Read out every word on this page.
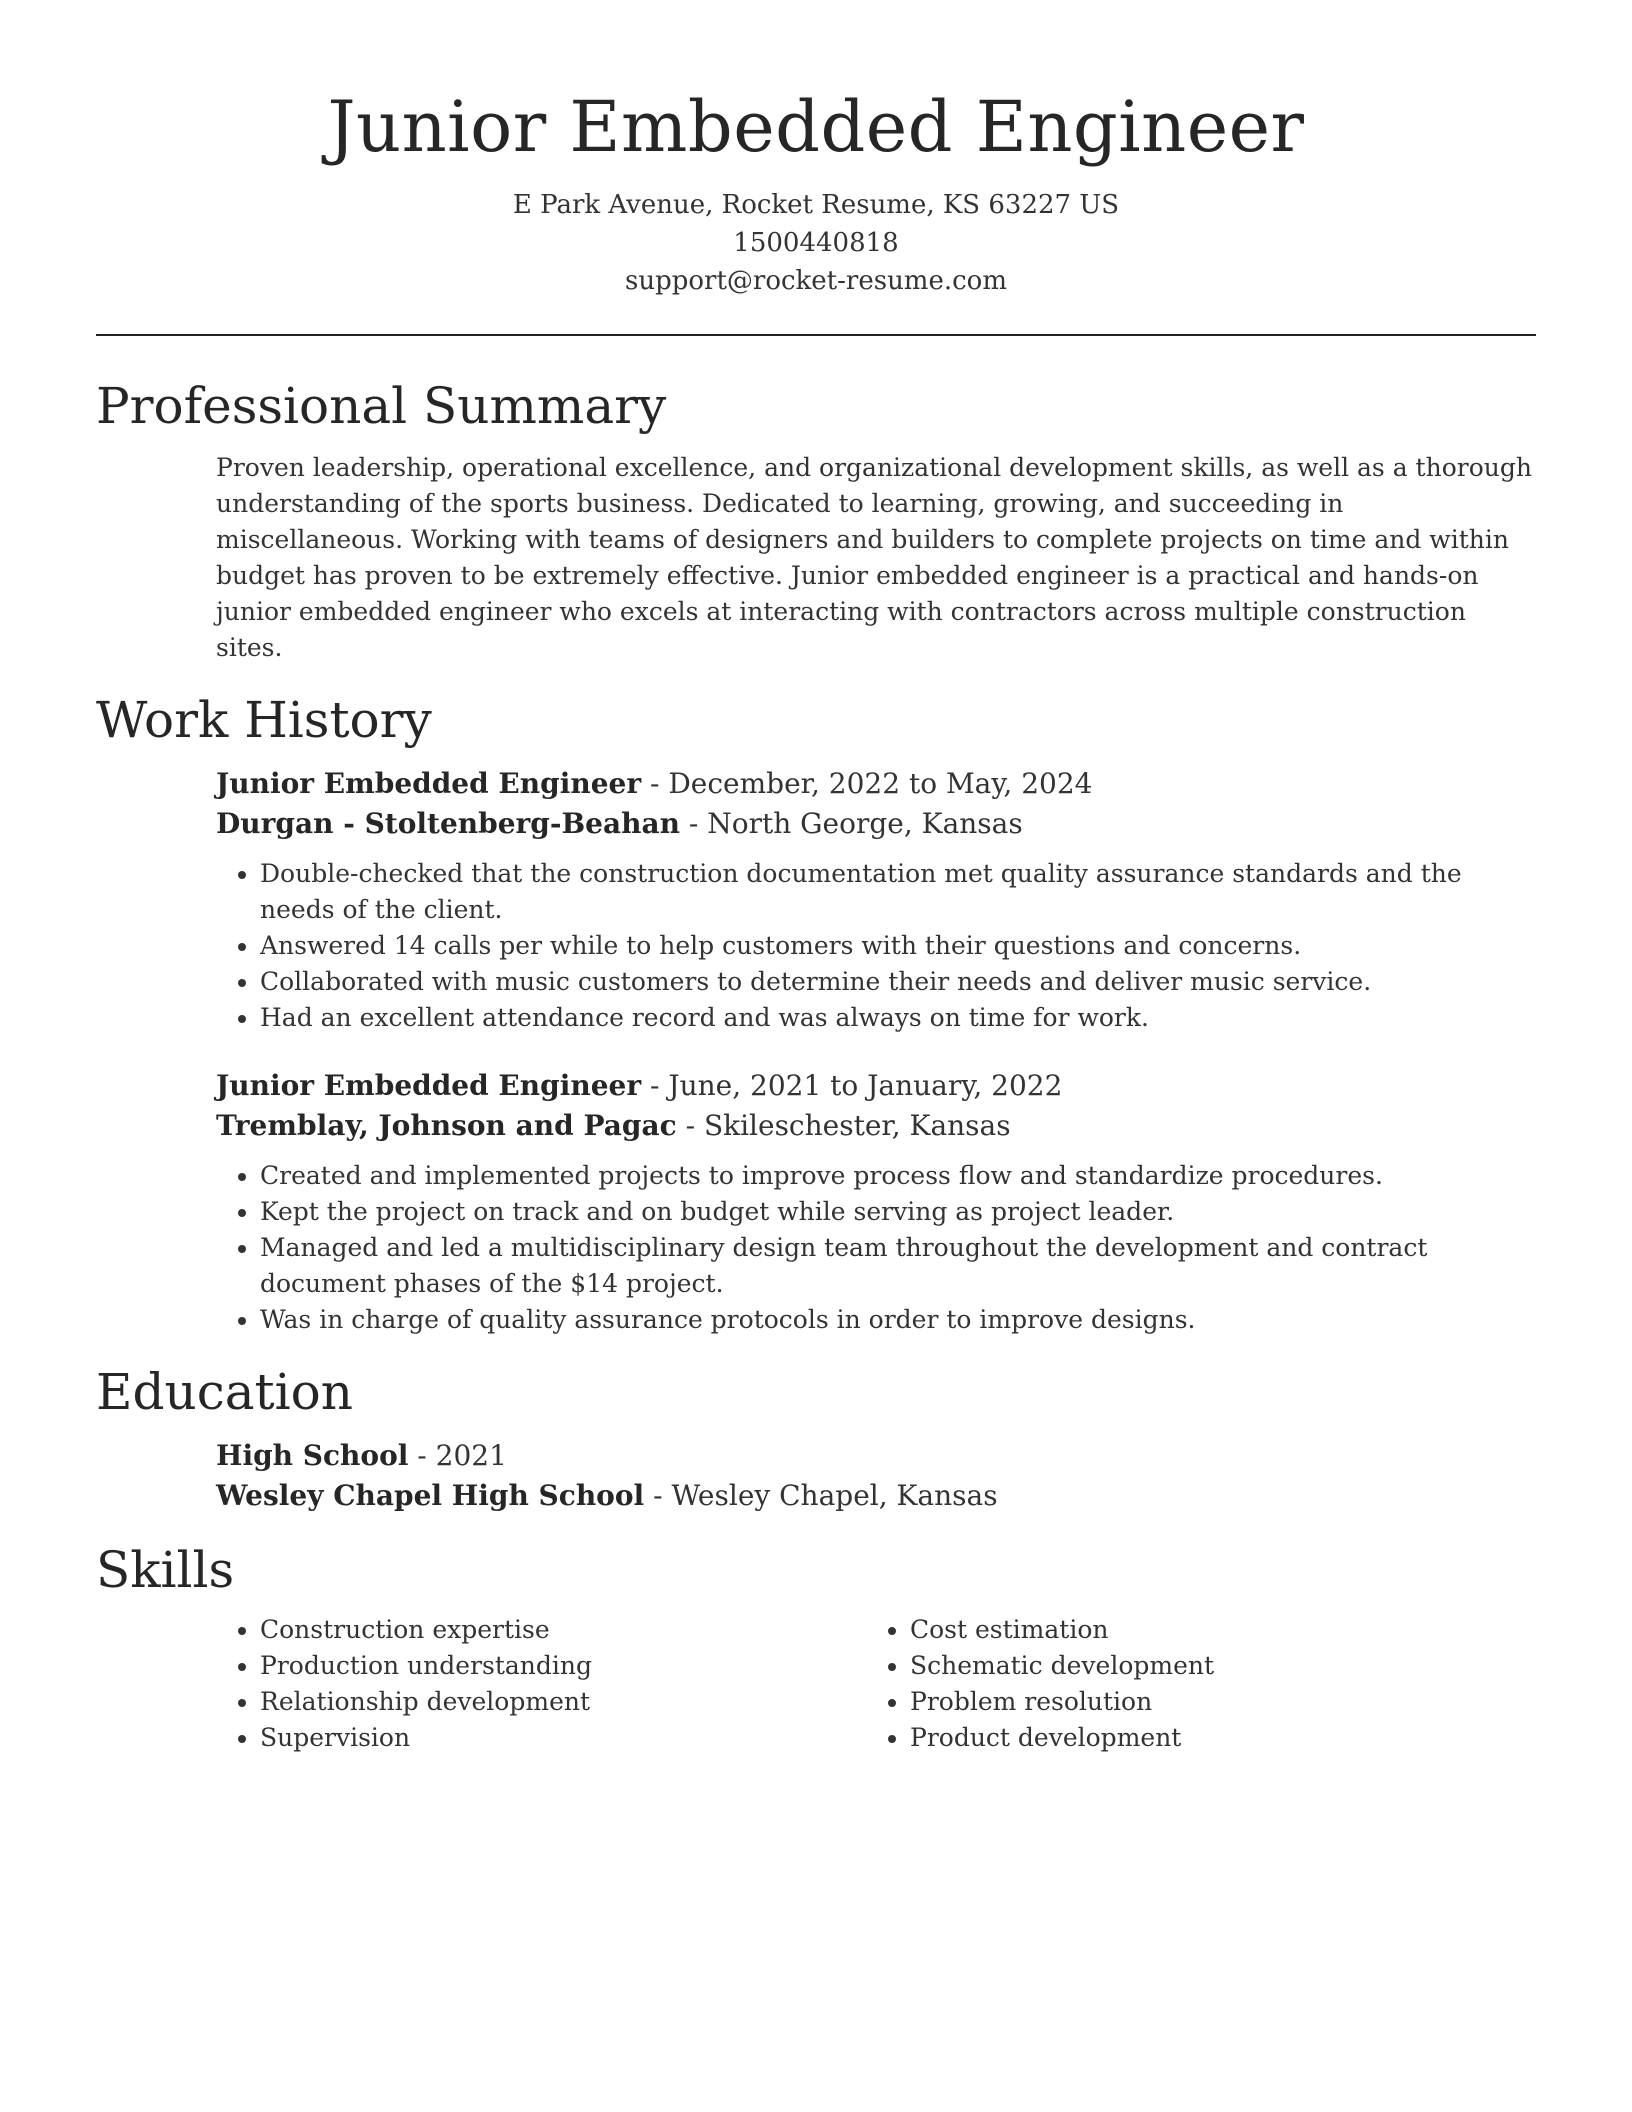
Junior Embedded Engineer
E Park Avenue, Rocket Resume, KS 63227 US
1500440818
support@rocket-resume.com
Professional Summary
Proven leadership, operational excellence, and organizational development skills, as well as a thorough understanding of the sports business. Dedicated to learning, growing, and succeeding in miscellaneous. Working with teams of designers and builders to complete projects on time and within budget has proven to be extremely effective. Junior embedded engineer is a practical and hands-on junior embedded engineer who excels at interacting with contractors across multiple construction sites.
Work History
Junior Embedded Engineer - December, 2022 to May, 2024
Durgan - Stoltenberg-Beahan - North George, Kansas
• Double-checked that the construction documentation met quality assurance standards and the needs of the client.
• Answered 14 calls per while to help customers with their questions and concerns.
• Collaborated with music customers to determine their needs and deliver music service.
• Had an excellent attendance record and was always on time for work.
Junior Embedded Engineer - June, 2021 to January, 2022
Tremblay, Johnson and Pagac - Skileschester, Kansas
• Created and implemented projects to improve process flow and standardize procedures.
• Kept the project on track and on budget while serving as project leader.
• Managed and led a multidisciplinary design team throughout the development and contract document phases of the $14 project.
• Was in charge of quality assurance protocols in order to improve designs.
Education
High School - 2021
Wesley Chapel High School - Wesley Chapel, Kansas
Skills
• Construction expertise
• Production understanding
• Relationship development
• Supervision
• Cost estimation
• Schematic development
• Problem resolution
• Product development
